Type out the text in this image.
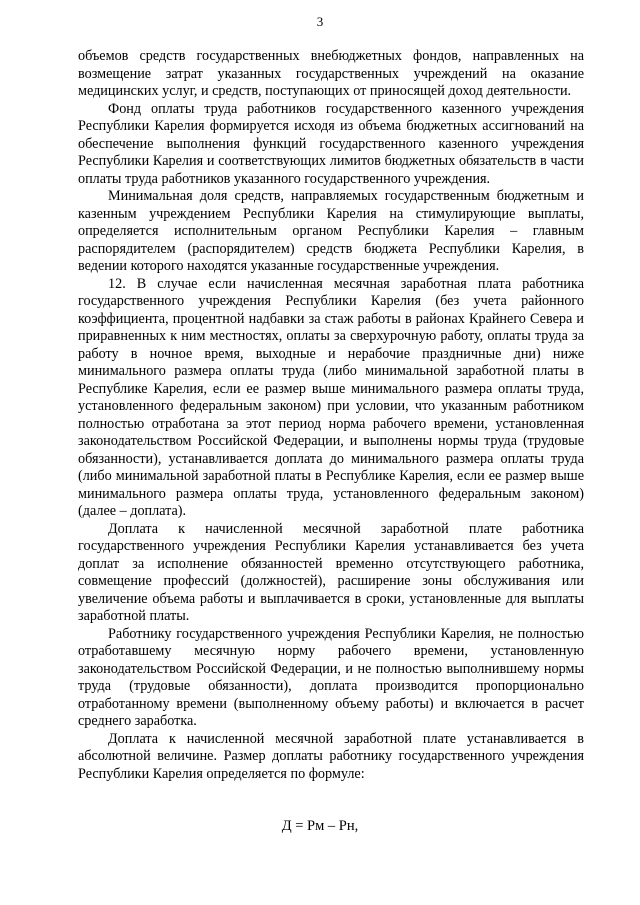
3

объемов средств государственных внебюджетных фондов, направленных на возмещение затрат указанных государственных учреждений на оказание медицинских услуг, и средств, поступающих от приносящей доход деятельности.

Фонд оплаты труда работников государственного казенного учреждения Республики Карелия формируется исходя из объема бюджетных ассигнований на обеспечение выполнения функций государственного казенного учреждения Республики Карелия и соответствующих лимитов бюджетных обязательств в части оплаты труда работников указанного государственного учреждения.

Минимальная доля средств, направляемых государственным бюджетным и казенным учреждением Республики Карелия на стимулирующие выплаты, определяется исполнительным органом Республики Карелия – главным распорядителем (распорядителем) средств бюджета Республики Карелия, в ведении которого находятся указанные государственные учреждения.

12. В случае если начисленная месячная заработная плата работника государственного учреждения Республики Карелия (без учета районного коэффициента, процентной надбавки за стаж работы в районах Крайнего Севера и приравненных к ним местностях, оплаты за сверхурочную работу, оплаты труда за работу в ночное время, выходные и нерабочие праздничные дни) ниже минимального размера оплаты труда (либо минимальной заработной платы в Республике Карелия, если ее размер выше минимального размера оплаты труда, установленного федеральным законом) при условии, что указанным работником полностью отработана за этот период норма рабочего времени, установленная законодательством Российской Федерации, и выполнены нормы труда (трудовые обязанности), устанавливается доплата до минимального размера оплаты труда (либо минимальной заработной платы в Республике Карелия, если ее размер выше минимального размера оплаты труда, установленного федеральным законом) (далее – доплата).

Доплата к начисленной месячной заработной плате работника государственного учреждения Республики Карелия устанавливается без учета доплат за исполнение обязанностей временно отсутствующего работника, совмещение профессий (должностей), расширение зоны обслуживания или увеличение объема работы и выплачивается в сроки, установленные для выплаты заработной платы.

Работнику государственного учреждения Республики Карелия, не полностью отработавшему месячную норму рабочего времени, установленную законодательством Российской Федерации, и не полностью выполнившему нормы труда (трудовые обязанности), доплата производится пропорционально отработанному времени (выполненному объему работы) и включается в расчет среднего заработка.

Доплата к начисленной месячной заработной плате устанавливается в абсолютной величине. Размер доплаты работнику государственного учреждения Республики Карелия определяется по формуле:

Д = Рм – Рн,
